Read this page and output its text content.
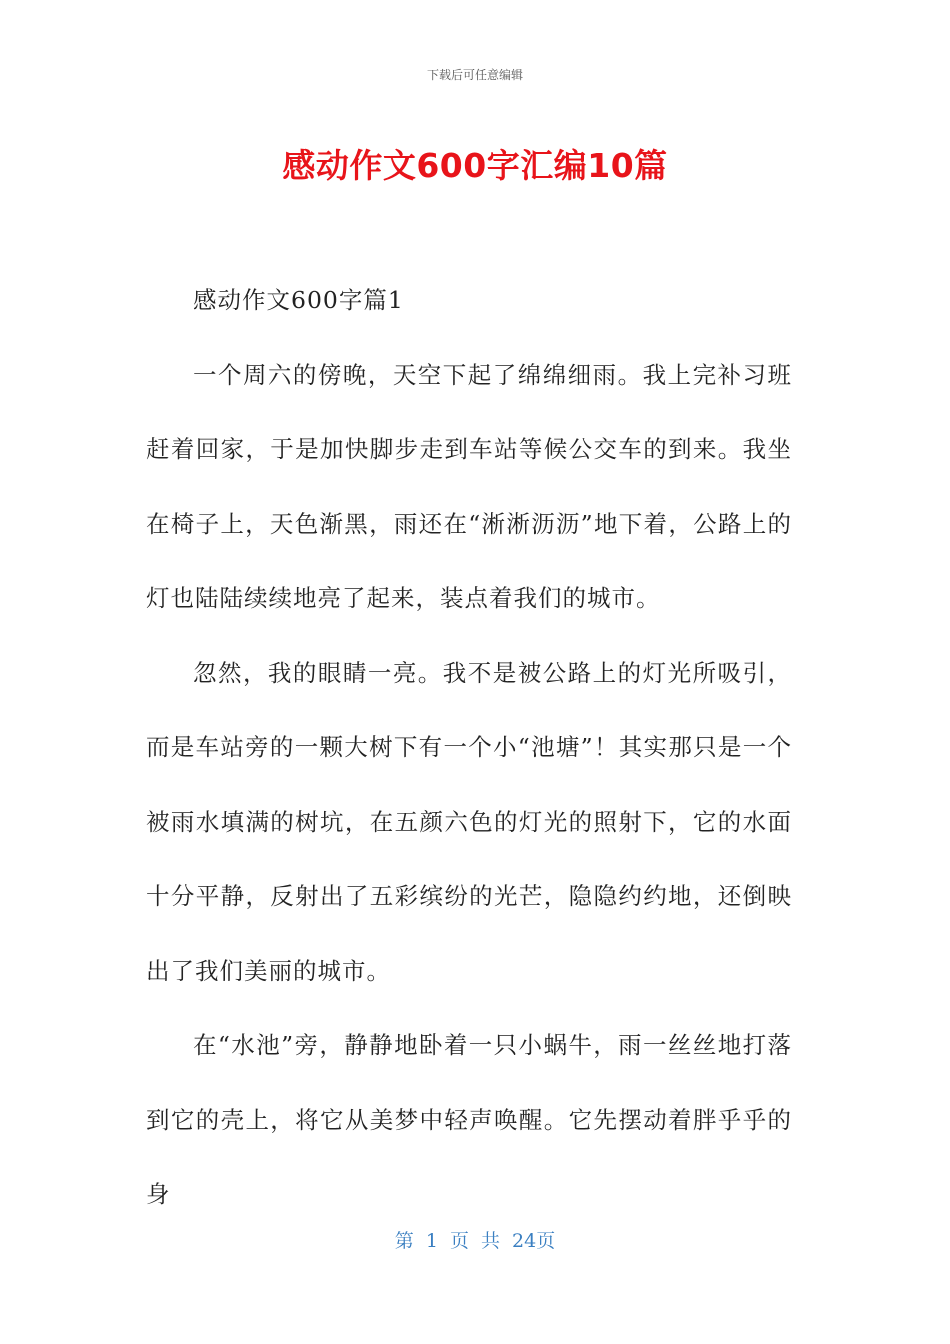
下载后可任意编辑
感动作文600字汇编10篇

感动作文600字篇1

一个周六的傍晚，天空下起了绵绵细雨。我上完补习班赶着回家，于是加快脚步走到车站等候公交车的到来。我坐在椅子上，天色渐黑，雨还在“淅淅沥沥”地下着，公路上的灯也陆陆续续地亮了起来，装点着我们的城市。

忽然，我的眼睛一亮。我不是被公路上的灯光所吸引，而是车站旁的一颗大树下有一个小“池塘”！其实那只是一个被雨水填满的树坑，在五颜六色的灯光的照射下，它的水面十分平静，反射出了五彩缤纷的光芒，隐隐约约地，还倒映出了我们美丽的城市。

在“水池”旁，静静地卧着一只小蜗牛，雨一丝丝地打落到它的壳上，将它从美梦中轻声唤醒。它先摆动着胖乎乎的身

第 1 页 共 24页
